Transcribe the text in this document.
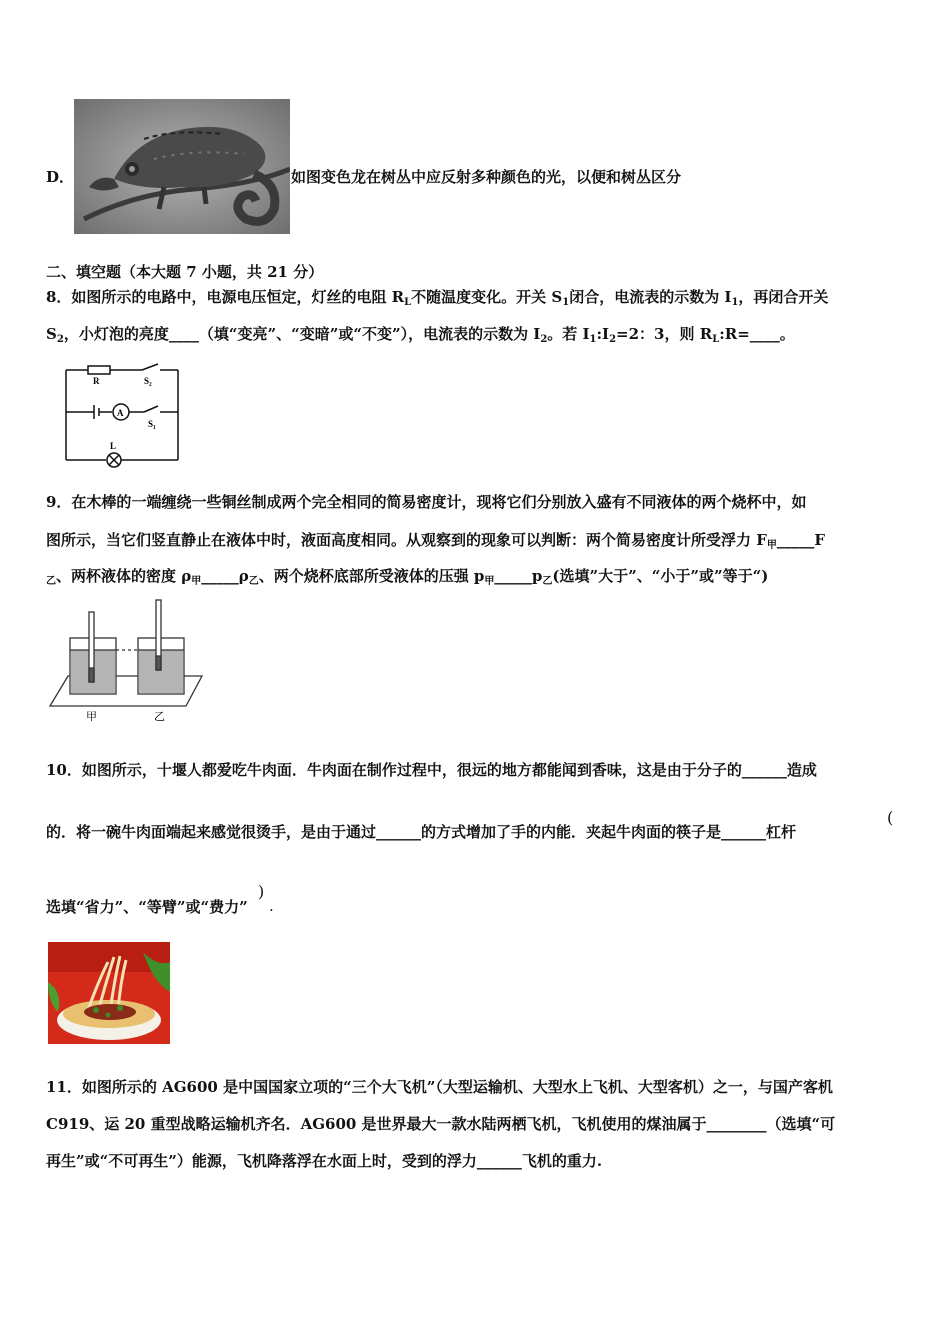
D．	如图变色龙在树丛中应反射多种颜色的光，以便和树丛区分
二、填空题（本大题 7 小题，共 21 分）
8．如图所示的电路中，电源电压恒定，灯丝的电阻 $R_L$不随温度变化。开关 $S_1$闭合，电流表的示数为 $I_1$，再闭合开关
$S_2$，小灯泡的亮度____（填“变亮”、“变暗”或“不变”），电流表的示数为 $I_2$。若 $I_1:I_2=2$：3，则 $R_L:R=\_\_\_\_$。
R	S₂
A
S₁
L
9．在木棒的一端缠绕一些铜丝制成两个完全相同的简易密度计，现将它们分别放入盛有不同液体的两个烧杯中，如
图所示，当它们竖直静止在液体中时，液面高度相同。从观察到的现象可以判断：两个简易密度计所受浮力 $F_甲\_\_\_\_\_F$
$_乙$、两杯液体的密度 $\rho_甲\_\_\_\_\_\rho_乙$、两个烧杯底部所受液体的压强 $p_甲\_\_\_\_\_p_乙$(选填”大于”、“小于”或”等于“)
甲	乙
10．如图所示，十堰人都爱吃牛肉面．牛肉面在制作过程中，很远的地方都能闻到香味，这是由于分子的______造成
的．将一碗牛肉面端起来感觉很烫手，是由于通过______的方式增加了手的内能．夹起牛肉面的筷子是______杠杆
(
选填“省力”、“等臂”或“费力”
)
.
11．如图所示的 AG600 是中国国家立项的“三个大飞机”（大型运输机、大型水上飞机、大型客机）之一，与国产客机
C919、运 20 重型战略运输机齐名．AG600 是世界最大一款水陆两栖飞机，飞机使用的煤油属于________（选填“可
再生”或“不可再生”）能源，飞机降落浮在水面上时，受到的浮力______飞机的重力.
